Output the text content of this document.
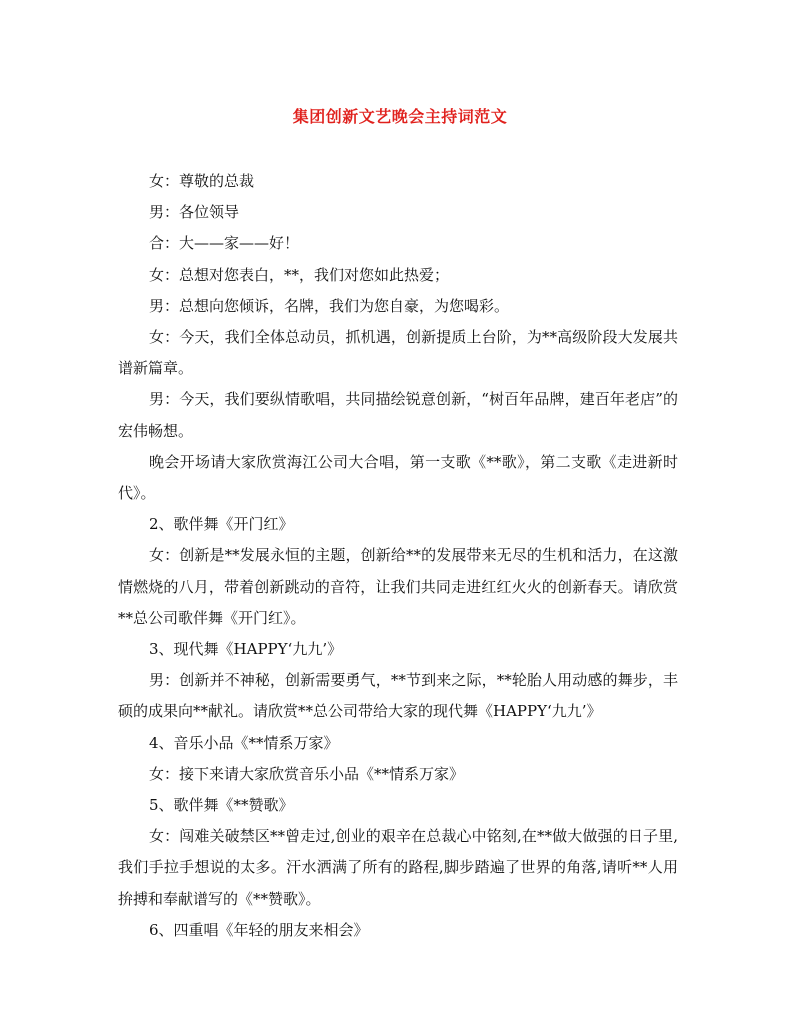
集团创新文艺晚会主持词范文

女：尊敬的总裁

男：各位领导

合：大——家——好！

女：总想对您表白，**，我们对您如此热爱；

男：总想向您倾诉，名牌，我们为您自豪，为您喝彩。

女：今天，我们全体总动员，抓机遇，创新提质上台阶，为**高级阶段大发展共谱新篇章。

男：今天，我们要纵情歌唱，共同描绘锐意创新，“树百年品牌，建百年老店”的宏伟畅想。

晚会开场请大家欣赏海江公司大合唱，第一支歌《**歌》，第二支歌《走进新时代》。

2、歌伴舞《开门红》

女：创新是**发展永恒的主题，创新给**的发展带来无尽的生机和活力，在这激情燃烧的八月，带着创新跳动的音符，让我们共同走进红红火火的创新春天。请欣赏**总公司歌伴舞《开门红》。

3、现代舞《HAPPY‘九九’》

男：创新并不神秘，创新需要勇气，**节到来之际，**轮胎人用动感的舞步，丰硕的成果向**献礼。请欣赏**总公司带给大家的现代舞《HAPPY‘九九’》

4、音乐小品《**情系万家》

女：接下来请大家欣赏音乐小品《**情系万家》

5、歌伴舞《**赞歌》

女：闯难关破禁区**曾走过,创业的艰辛在总裁心中铭刻,在**做大做强的日子里,我们手拉手想说的太多。汗水洒满了所有的路程,脚步踏遍了世界的角落,请听**人用拚搏和奉献谱写的《**赞歌》。

6、四重唱《年轻的朋友来相会》
